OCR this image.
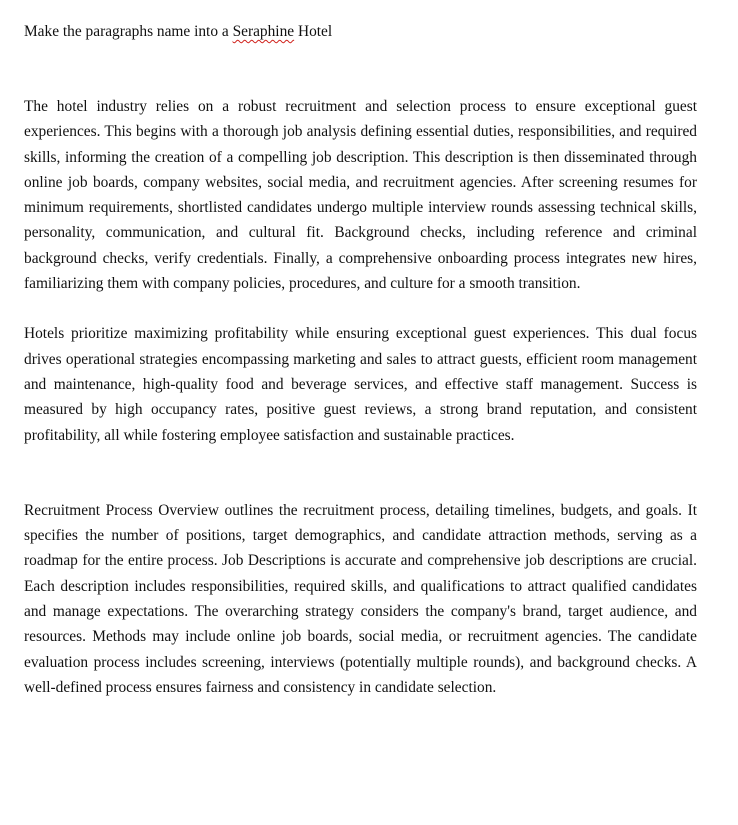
Make the paragraphs name into a Seraphine Hotel

The hotel industry relies on a robust recruitment and selection process to ensure exceptional guest experiences. This begins with a thorough job analysis defining essential duties, responsibilities, and required skills, informing the creation of a compelling job description. This description is then disseminated through online job boards, company websites, social media, and recruitment agencies. After screening resumes for minimum requirements, shortlisted candidates undergo multiple interview rounds assessing technical skills, personality, communication, and cultural fit. Background checks, including reference and criminal background checks, verify credentials. Finally, a comprehensive onboarding process integrates new hires, familiarizing them with company policies, procedures, and culture for a smooth transition.

Hotels prioritize maximizing profitability while ensuring exceptional guest experiences. This dual focus drives operational strategies encompassing marketing and sales to attract guests, efficient room management and maintenance, high-quality food and beverage services, and effective staff management. Success is measured by high occupancy rates, positive guest reviews, a strong brand reputation, and consistent profitability, all while fostering employee satisfaction and sustainable practices.

Recruitment Process Overview outlines the recruitment process, detailing timelines, budgets, and goals. It specifies the number of positions, target demographics, and candidate attraction methods, serving as a roadmap for the entire process. Job Descriptions is accurate and comprehensive job descriptions are crucial. Each description includes responsibilities, required skills, and qualifications to attract qualified candidates and manage expectations. The overarching strategy considers the company's brand, target audience, and resources. Methods may include online job boards, social media, or recruitment agencies. The candidate evaluation process includes screening, interviews (potentially multiple rounds), and background checks. A well-defined process ensures fairness and consistency in candidate selection.
